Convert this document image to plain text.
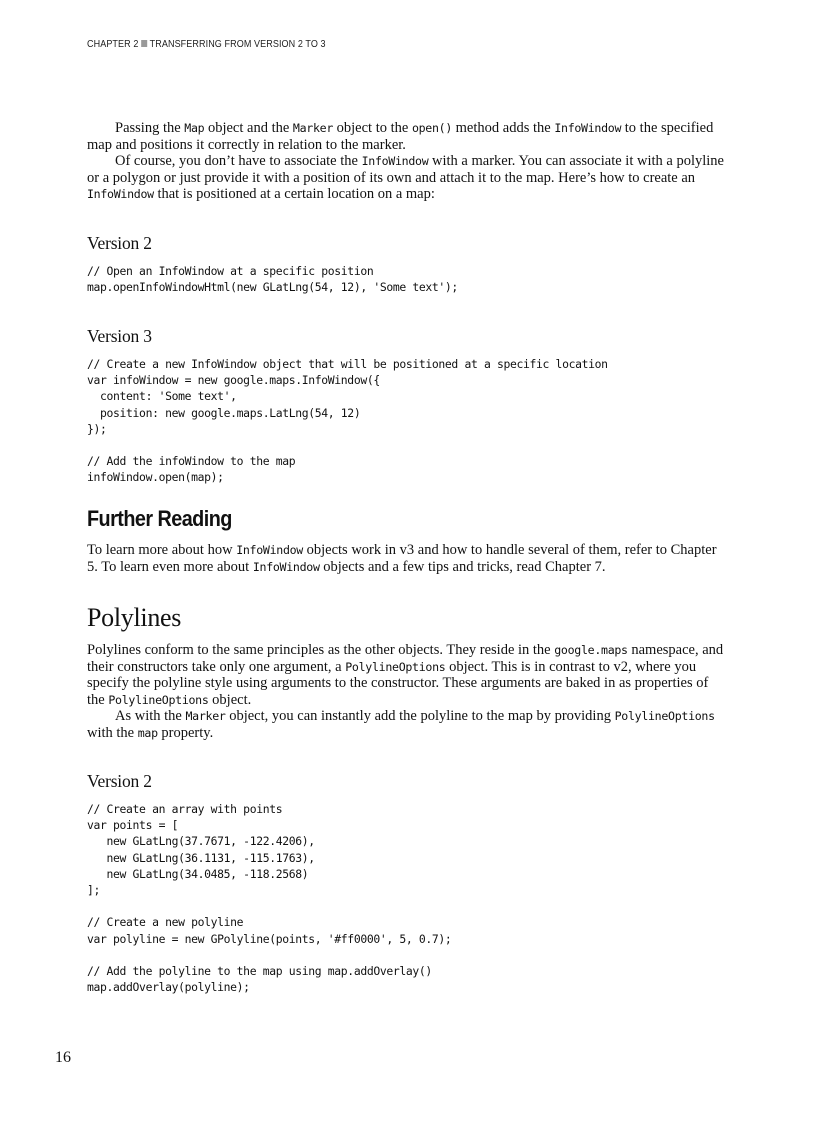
CHAPTER 2 TRANSFERRING FROM VERSION 2 TO 3

Passing the Map object and the Marker object to the open() method adds the InfoWindow to the specified map and positions it correctly in relation to the marker.

Of course, you don’t have to associate the InfoWindow with a marker. You can associate it with a polyline or a polygon or just provide it with a position of its own and attach it to the map. Here’s how to create an InfoWindow that is positioned at a certain location on a map:

Version 2
// Open an InfoWindow at a specific position
map.openInfoWindowHtml(new GLatLng(54, 12), 'Some text');
Version 3
// Create a new InfoWindow object that will be positioned at a specific location
var infoWindow = new google.maps.InfoWindow({
content: 'Some text',
position: new google.maps.LatLng(54, 12)
});

// Add the infoWindow to the map
infoWindow.open(map);
Further Reading

To learn more about how InfoWindow objects work in v3 and how to handle several of them, refer to Chapter 5. To learn even more about InfoWindow objects and a few tips and tricks, read Chapter 7.

Polylines

Polylines conform to the same principles as the other objects. They reside in the google.maps namespace, and their constructors take only one argument, a PolylineOptions object. This is in contrast to v2, where you specify the polyline style using arguments to the constructor. These arguments are baked in as properties of the PolylineOptions object.

As with the Marker object, you can instantly add the polyline to the map by providing PolylineOptions with the map property.

Version 2
// Create an array with points
var points = [
new GLatLng(37.7671, -122.4206),
new GLatLng(36.1131, -115.1763),
new GLatLng(34.0485, -118.2568)
];

// Create a new polyline
var polyline = new GPolyline(points, '#ff0000', 5, 0.7);

// Add the polyline to the map using map.addOverlay()
map.addOverlay(polyline);
16
